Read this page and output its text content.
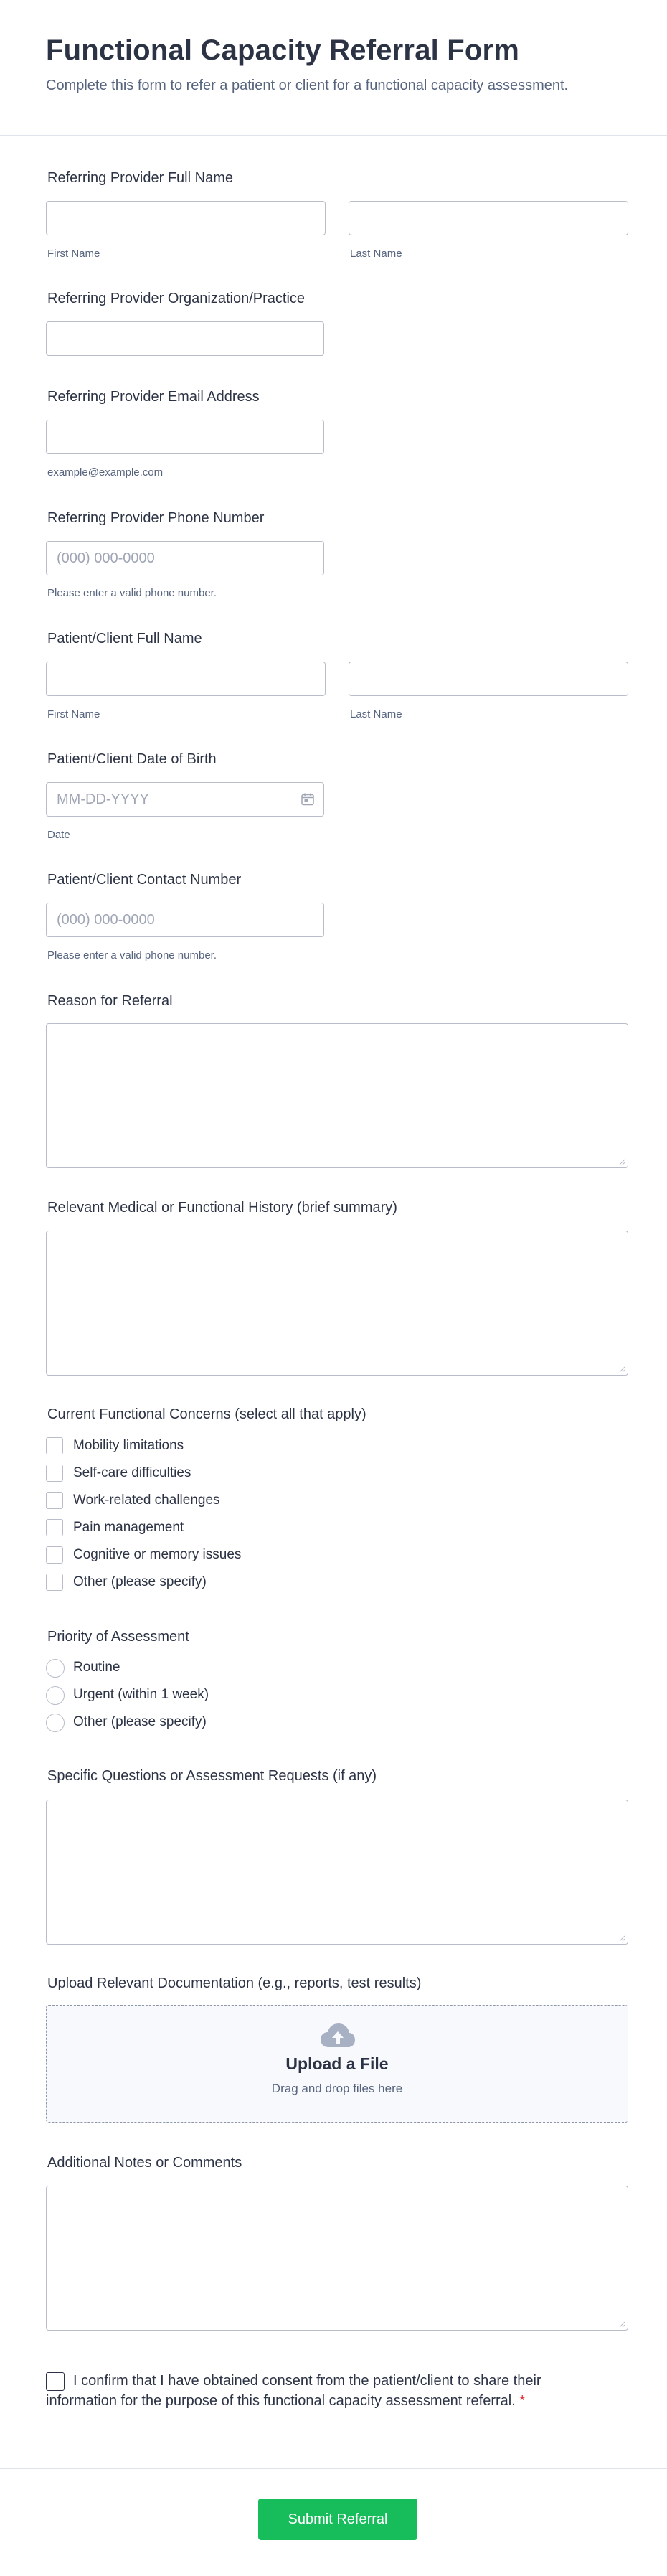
Functional Capacity Referral Form
Complete this form to refer a patient or client for a functional capacity assessment.
Referring Provider Full Name
First Name	Last Name
Referring Provider Organization/Practice
Referring Provider Email Address
example@example.com
Referring Provider Phone Number
(000) 000-0000
Please enter a valid phone number.
Patient/Client Full Name
First Name	Last Name
Patient/Client Date of Birth
MM-DD-YYYY
Date
Patient/Client Contact Number
(000) 000-0000
Please enter a valid phone number.
Reason for Referral
Relevant Medical or Functional History (brief summary)
Current Functional Concerns (select all that apply)
Mobility limitations
Self-care difficulties
Work-related challenges
Pain management
Cognitive or memory issues
Other (please specify)
Priority of Assessment
Routine
Urgent (within 1 week)
Other (please specify)
Specific Questions or Assessment Requests (if any)
Upload Relevant Documentation (e.g., reports, test results)
Upload a File
Drag and drop files here
Additional Notes or Comments
I confirm that I have obtained consent from the patient/client to share their information for the purpose of this functional capacity assessment referral. *
Submit Referral
